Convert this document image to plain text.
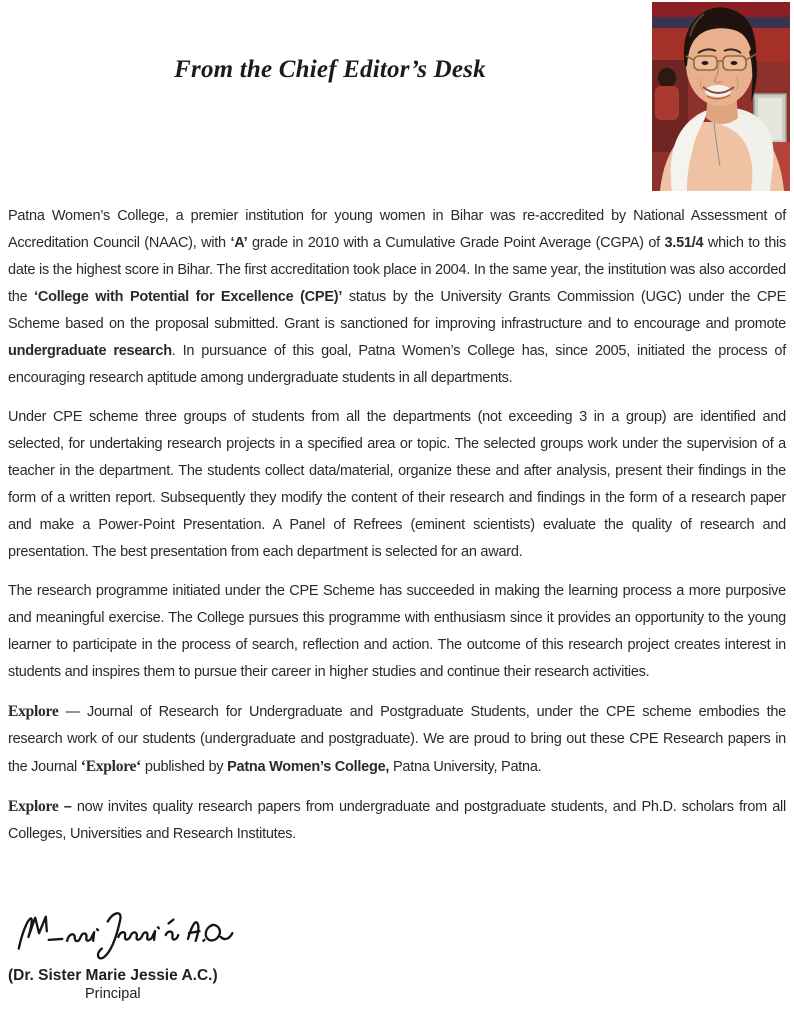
From the Chief Editor’s Desk

Patna Women’s College, a premier institution for young women in Bihar was re-accredited by National Assessment of Accreditation Council (NAAC), with ‘A’ grade in 2010 with a Cumulative Grade Point Average (CGPA) of 3.51/4 which to this date is the highest score in Bihar. The first accreditation took place in 2004. In the same year, the institution was also accorded the ‘College with Potential for Excellence (CPE)’ status by the University Grants Commission (UGC) under the CPE Scheme based on the proposal submitted. Grant is sanctioned for improving infrastructure and to encourage and promote undergraduate research. In pursuance of this goal, Patna Women’s College has, since 2005, initiated the process of encouraging research aptitude among undergraduate students in all departments.

Under CPE scheme three groups of students from all the departments (not exceeding 3 in a group) are identified and selected, for undertaking research projects in a specified area or topic. The selected groups work under the supervision of a teacher in the department. The students collect data/material, organize these and after analysis, present their findings in the form of a written report. Subsequently they modify the content of their research and findings in the form of a research paper and make a Power-Point Presentation. A Panel of Refrees (eminent scientists) evaluate the quality of research and presentation. The best presentation from each department is selected for an award.

The research programme initiated under the CPE Scheme has succeeded in making the learning process a more purposive and meaningful exercise. The College pursues this programme with enthusiasm since it provides an opportunity to the young learner to participate in the process of search, reflection and action. The outcome of this research project creates interest in students and inspires them to pursue their career in higher studies and continue their research activities.

Explore — Journal of Research for Undergraduate and Postgraduate Students, under the CPE scheme embodies the research work of our students (undergraduate and postgraduate). We are proud to bring out these CPE Research papers in the Journal ‘Explore‘ published by Patna Women’s College, Patna University, Patna.

Explore – now invites quality research papers from undergraduate and postgraduate students, and Ph.D. scholars from all Colleges, Universities and Research Institutes.

(Dr. Sister Marie Jessie A.C.)
Principal
